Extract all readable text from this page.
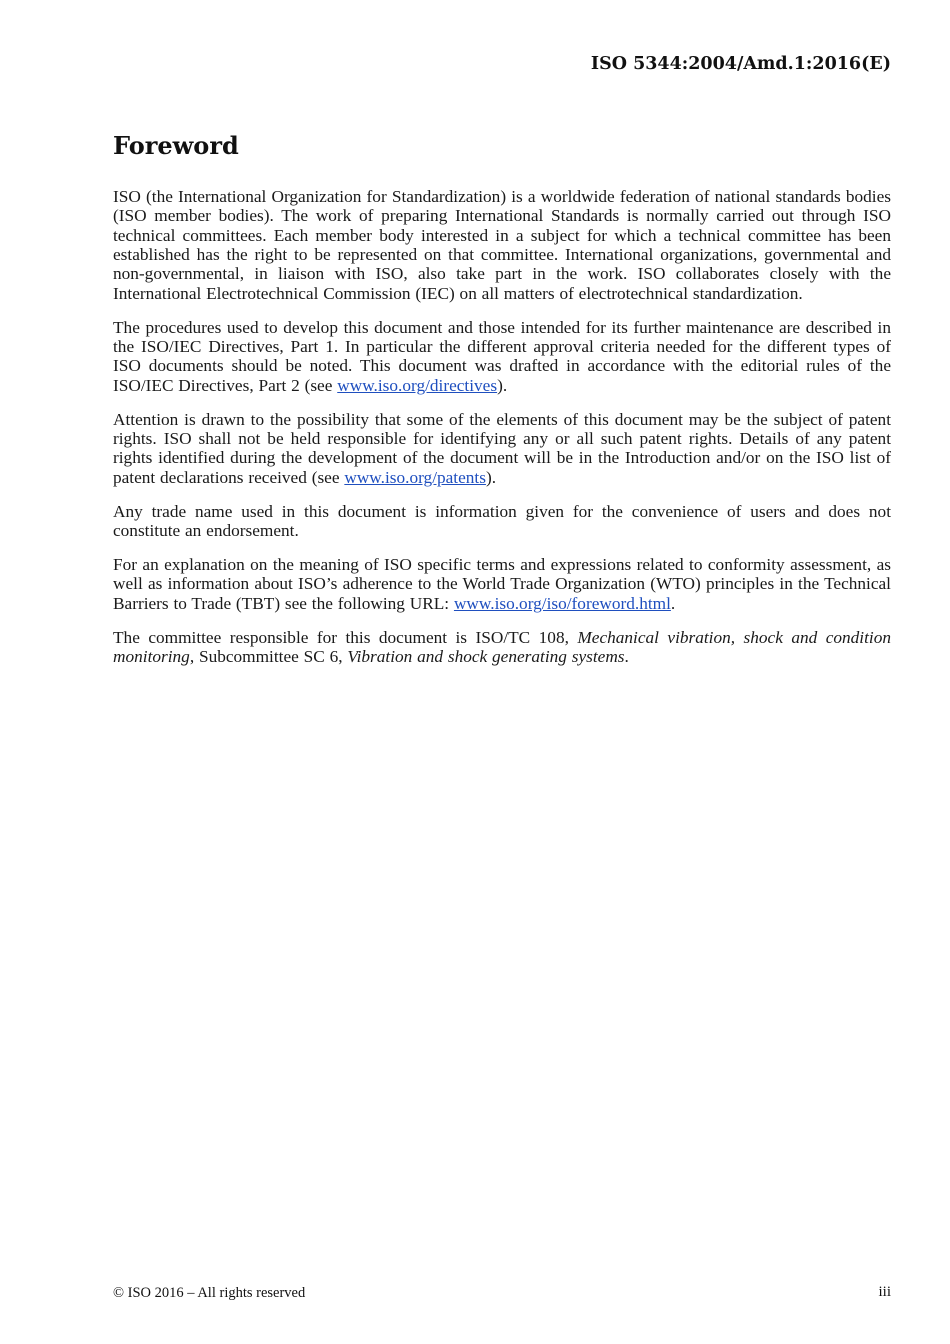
ISO 5344:2004/Amd.1:2016(E)
Foreword

ISO (the International Organization for Standardization) is a worldwide federation of national standards bodies (ISO member bodies). The work of preparing International Standards is normally carried out through ISO technical committees. Each member body interested in a subject for which a technical committee has been established has the right to be represented on that committee. International organizations, governmental and non-governmental, in liaison with ISO, also take part in the work. ISO collaborates closely with the International Electrotechnical Commission (IEC) on all matters of electrotechnical standardization.

The procedures used to develop this document and those intended for its further maintenance are described in the ISO/IEC Directives, Part 1. In particular the different approval criteria needed for the different types of ISO documents should be noted. This document was drafted in accordance with the editorial rules of the ISO/IEC Directives, Part 2 (see www.iso.org/directives).

Attention is drawn to the possibility that some of the elements of this document may be the subject of patent rights. ISO shall not be held responsible for identifying any or all such patent rights. Details of any patent rights identified during the development of the document will be in the Introduction and/or on the ISO list of patent declarations received (see www.iso.org/patents).

Any trade name used in this document is information given for the convenience of users and does not constitute an endorsement.

For an explanation on the meaning of ISO specific terms and expressions related to conformity assessment, as well as information about ISO’s adherence to the World Trade Organization (WTO) principles in the Technical Barriers to Trade (TBT) see the following URL: www.iso.org/iso/foreword.html.

The committee responsible for this document is ISO/TC 108, Mechanical vibration, shock and condition monitoring, Subcommittee SC 6, Vibration and shock generating systems.

© ISO 2016 – All rights reserved	iii
